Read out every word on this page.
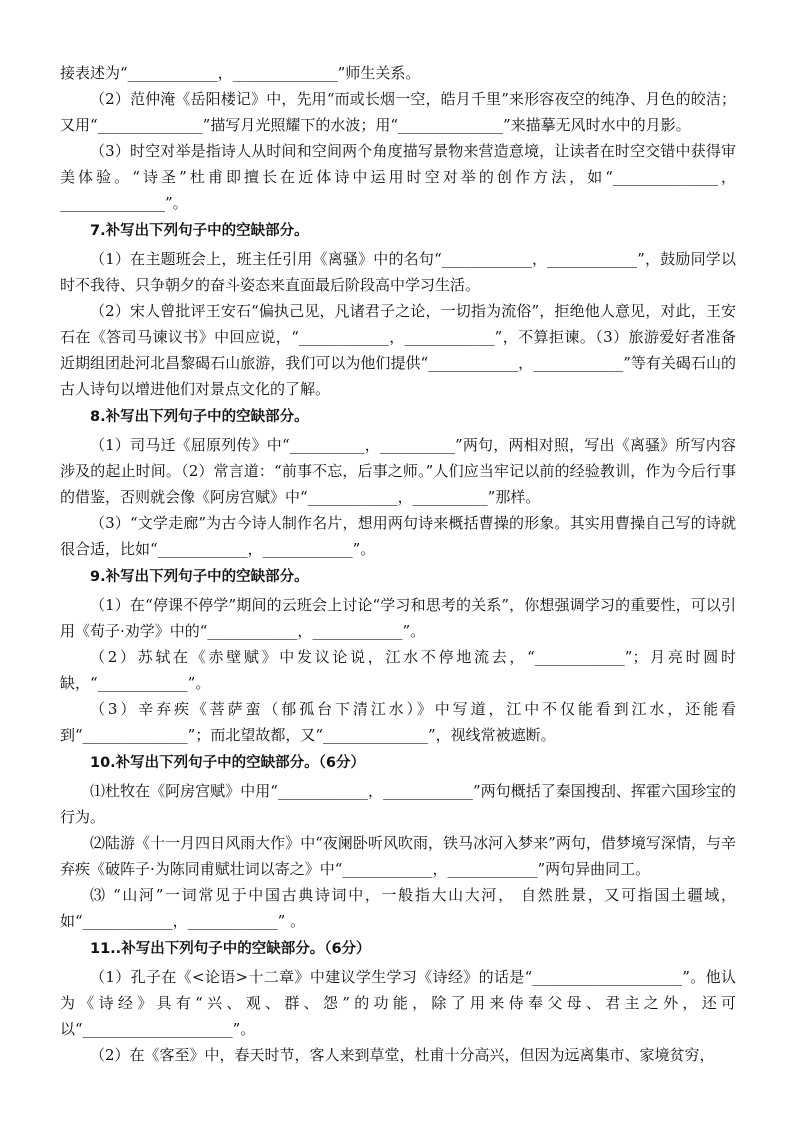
接表述为“____________，______________”师生关系。

（2）范仲淹《岳阳楼记》中，先用“而或长烟一空，皓月千里”来形容夜空的纯净、月色的皎洁；又用“______________”描写月光照耀下的水波；用“______________”来描摹无风时水中的月影。

（3）时空对举是指诗人从时间和空间两个角度描写景物来营造意境，让读者在时空交错中获得审美体验。“诗圣”杜甫即擅长在近体诗中运用时空对举的创作方法，如“______________，______________”。

7.补写出下列句子中的空缺部分。

（1）在主题班会上，班主任引用《离骚》中的名句“____________，____________”，鼓励同学以时不我待、只争朝夕的奋斗姿态来直面最后阶段高中学习生活。

（2）宋人曾批评王安石“偏执己见，凡诸君子之论，一切指为流俗”，拒绝他人意见，对此，王安石在《答司马谏议书》中回应说，“____________，____________”，不算拒谏。（3）旅游爱好者准备近期组团赴河北昌黎碣石山旅游，我们可以为他们提供“____________，____________”等有关碣石山的古人诗句以增进他们对景点文化的了解。

8.补写出下列句子中的空缺部分。

（1）司马迁《屈原列传》中“__________，__________”两句，两相对照，写出《离骚》所写内容涉及的起止时间。（2）常言道：“前事不忘，后事之师。”人们应当牢记以前的经验教训，作为今后行事的借鉴，否则就会像《阿房宫赋》中“____________，__________”那样。

（3）“文学走廊”为古今诗人制作名片，想用两句诗来概括曹操的形象。其实用曹操自己写的诗就很合适，比如“____________，____________”。

9.补写出下列句子中的空缺部分。

（1）在“停课不停学”期间的云班会上讨论“学习和思考的关系”，你想强调学习的重要性，可以引用《荀子·劝学》中的“____________，____________”。

（2）苏轼在《赤壁赋》中发议论说，江水不停地流去，“____________”；月亮时圆时缺，“____________”。

（3）辛弃疾《菩萨蛮（郁孤台下清江水）》中写道，江中不仅能看到江水，还能看到“______________”；而北望故都，又“______________”，视线常被遮断。

10.补写出下列句子中的空缺部分。（6分）

⑴杜牧在《阿房宫赋》中用“____________，____________”两句概括了秦国搜刮、挥霍六国珍宝的行为。

⑵陆游《十一月四日风雨大作》中“夜阑卧听风吹雨，铁马冰河入梦来”两句，借梦境写深情，与辛弃疾《破阵子·为陈同甫赋壮词以寄之》中“____________，____________”两句异曲同工。

⑶ “山河”一词常见于中国古典诗词中，一般指大山大河， 自然胜景，又可指国土疆域，如“____________，____________” 。

11..补写出下列句子中的空缺部分。（6分）

（1）孔子在《<论语>十二章》中建议学生学习《诗经》的话是“____________________”。他认为《诗经》具有“兴、观、群、怨”的功能，除了用来侍奉父母、君主之外，还可以“____________________”。

（2）在《客至》中，春天时节，客人来到草堂，杜甫十分高兴，但因为远离集市、家境贫穷，
